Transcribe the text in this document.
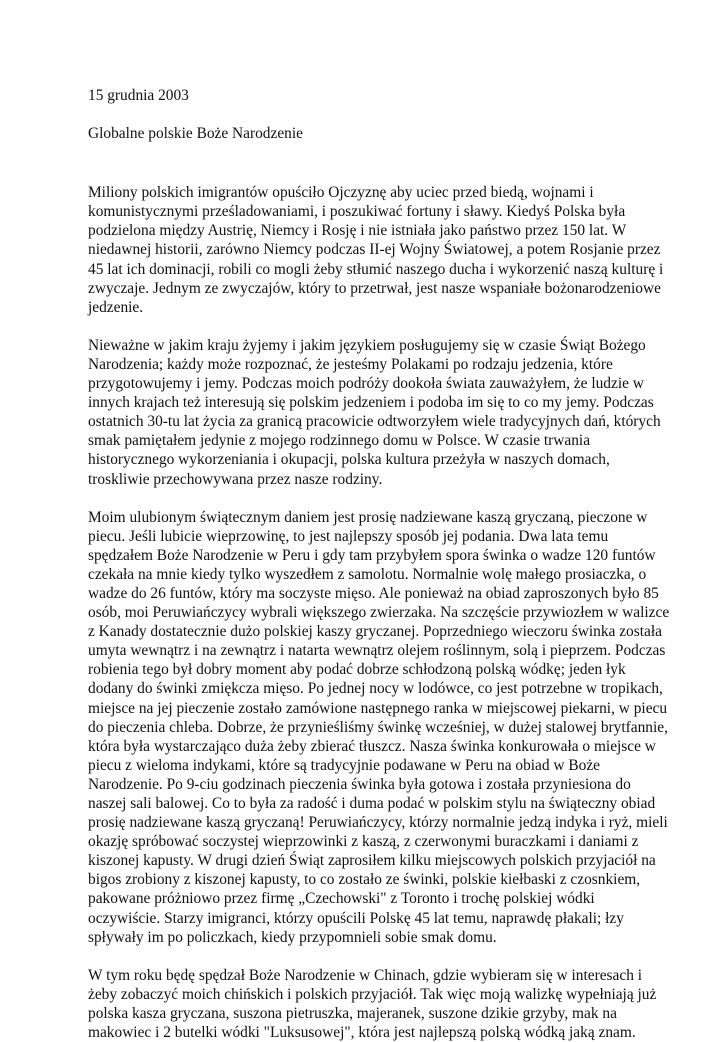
15 grudnia 2003

Globalne polskie Boże Narodzenie
Miliony polskich imigrantów opuściło Ojczyznę aby uciec przed biedą, wojnami i
komunistycznymi prześladowaniami, i poszukiwać fortuny i sławy. Kiedyś Polska była
podzielona między Austrię, Niemcy i Rosję i nie istniała jako państwo przez 150 lat. W
niedawnej historii, zarówno Niemcy podczas II-ej Wojny Światowej, a potem Rosjanie przez
45 lat ich dominacji, robili co mogli żeby stłumić naszego ducha i wykorzenić naszą kulturę i
zwyczaje. Jednym ze zwyczajów, który to przetrwał, jest nasze wspaniałe bożonarodzeniowe
jedzenie.
Nieważne w jakim kraju żyjemy i jakim językiem posługujemy się w czasie Świąt Bożego
Narodzenia; każdy może rozpoznać, że jesteśmy Polakami po rodzaju jedzenia, które
przygotowujemy i jemy. Podczas moich podróży dookoła świata zauważyłem, że ludzie w
innych krajach też interesują się polskim jedzeniem i podoba im się to co my jemy. Podczas
ostatnich 30-tu lat życia za granicą pracowicie odtworzyłem wiele tradycyjnych dań, których
smak pamiętałem jedynie z mojego rodzinnego domu w Polsce. W czasie trwania
historycznego wykorzeniania i okupacji, polska kultura przeżyła w naszych domach,
troskliwie przechowywana przez nasze rodziny.
Moim ulubionym świątecznym daniem jest prosię nadziewane kaszą gryczaną, pieczone w
piecu. Jeśli lubicie wieprzowinę, to jest najlepszy sposób jej podania. Dwa lata temu
spędzałem Boże Narodzenie w Peru i gdy tam przybyłem spora świnka o wadze 120 funtów
czekała na mnie kiedy tylko wyszedłem z samolotu. Normalnie wolę małego prosiaczka, o
wadze do 26 funtów, który ma soczyste mięso. Ale ponieważ na obiad zaproszonych było 85
osób, moi Peruwiańczycy wybrali większego zwierzaka. Na szczęście przywiozłem w walizce
z Kanady dostatecznie dużo polskiej kaszy gryczanej. Poprzedniego wieczoru świnka została
umyta wewnątrz i na zewnątrz i natarta wewnątrz olejem roślinnym, solą i pieprzem. Podczas
robienia tego był dobry moment aby podać dobrze schłodzoną polską wódkę; jeden łyk
dodany do świnki zmiękcza mięso. Po jednej nocy w lodówce, co jest potrzebne w tropikach,
miejsce na jej pieczenie zostało zamówione następnego ranka w miejscowej piekarni, w piecu
do pieczenia chleba. Dobrze, że przynieśliśmy świnkę wcześniej, w dużej stalowej brytfannie,
która była wystarczająco duża żeby zbierać tłuszcz. Nasza świnka konkurowała o miejsce w
piecu z wieloma indykami, które są tradycyjnie podawane w Peru na obiad w Boże
Narodzenie. Po 9-ciu godzinach pieczenia świnka była gotowa i została przyniesiona do
naszej sali balowej. Co to była za radość i duma podać w polskim stylu na świąteczny obiad
prosię nadziewane kaszą gryczaną! Peruwiańczycy, którzy normalnie jedzą indyka i ryż, mieli
okazję spróbować soczystej wieprzowinki z kaszą, z czerwonymi buraczkami i daniami z
kiszonej kapusty. W drugi dzień Świąt zaprosiłem kilku miejscowych polskich przyjaciół na
bigos zrobiony z kiszonej kapusty, to co zostało ze świnki, polskie kiełbaski z czosnkiem,
pakowane próżniowo przez firmę „Czechowski" z Toronto i trochę polskiej wódki
oczywiście. Starzy imigranci, którzy opuścili Polskę 45 lat temu, naprawdę płakali; łzy
spływały im po policzkach, kiedy przypomnieli sobie smak domu.
W tym roku będę spędzał Boże Narodzenie w Chinach, gdzie wybieram się w interesach i
żeby zobaczyć moich chińskich i polskich przyjaciół. Tak więc moją walizkę wypełniają już
polska kasza gryczana, suszona pietruszka, majeranek, suszone dzikie grzyby, mak na
makowiec i 2 butelki wódki "Luksusowej", która jest najlepszą polską wódką jaką znam.
